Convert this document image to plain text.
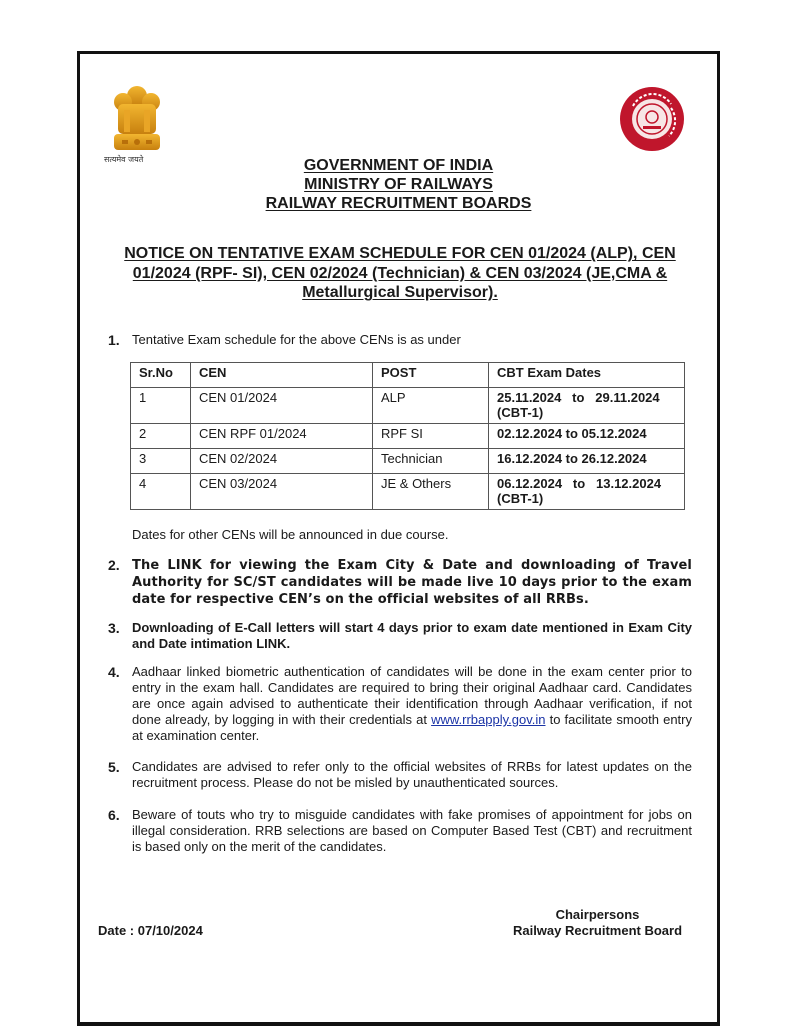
सत्यमेव जयते	GOVERNMENT OF INDIA
MINISTRY OF RAILWAYS
RAILWAY RECRUITMENT BOARDS
NOTICE ON TENTATIVE EXAM SCHEDULE FOR CEN 01/2024 (ALP), CEN 01/2024 (RPF- SI), CEN 02/2024 (Technician) & CEN 03/2024 (JE,CMA & Metallurgical Supervisor).
1. Tentative Exam schedule for the above CENs is as under
Sr.No	CEN	POST	CBT Exam Dates
1	CEN 01/2024	ALP	25.11.2024   to   29.11.2024 (CBT-1)
2	CEN RPF 01/2024	RPF SI	02.12.2024 to 05.12.2024
3	CEN 02/2024	Technician	16.12.2024 to 26.12.2024
4	CEN 03/2024	JE & Others	06.12.2024   to   13.12.2024 (CBT-1)
Dates for other CENs will be announced in due course.
2. The LINK for viewing the Exam City & Date and downloading of Travel Authority for SC/ST candidates will be made live 10 days prior to the exam date for respective CEN’s on the official websites of all RRBs.
3. Downloading of E-Call letters will start 4 days prior to exam date mentioned in Exam City and Date intimation LINK.
4. Aadhaar linked biometric authentication of candidates will be done in the exam center prior to entry in the exam hall. Candidates are required to bring their original Aadhaar card. Candidates are once again advised to authenticate their identification through Aadhaar verification, if not done already, by logging in with their credentials at www.rrbapply.gov.in to facilitate smooth entry at examination center.
5. Candidates are advised to refer only to the official websites of RRBs for latest updates on the recruitment process. Please do not be misled by unauthenticated sources.
6. Beware of touts who try to misguide candidates with fake promises of appointment for jobs on illegal consideration. RRB selections are based on Computer Based Test (CBT) and recruitment is based only on the merit of the candidates.
Date : 07/10/2024
Chairpersons
Railway Recruitment Board
